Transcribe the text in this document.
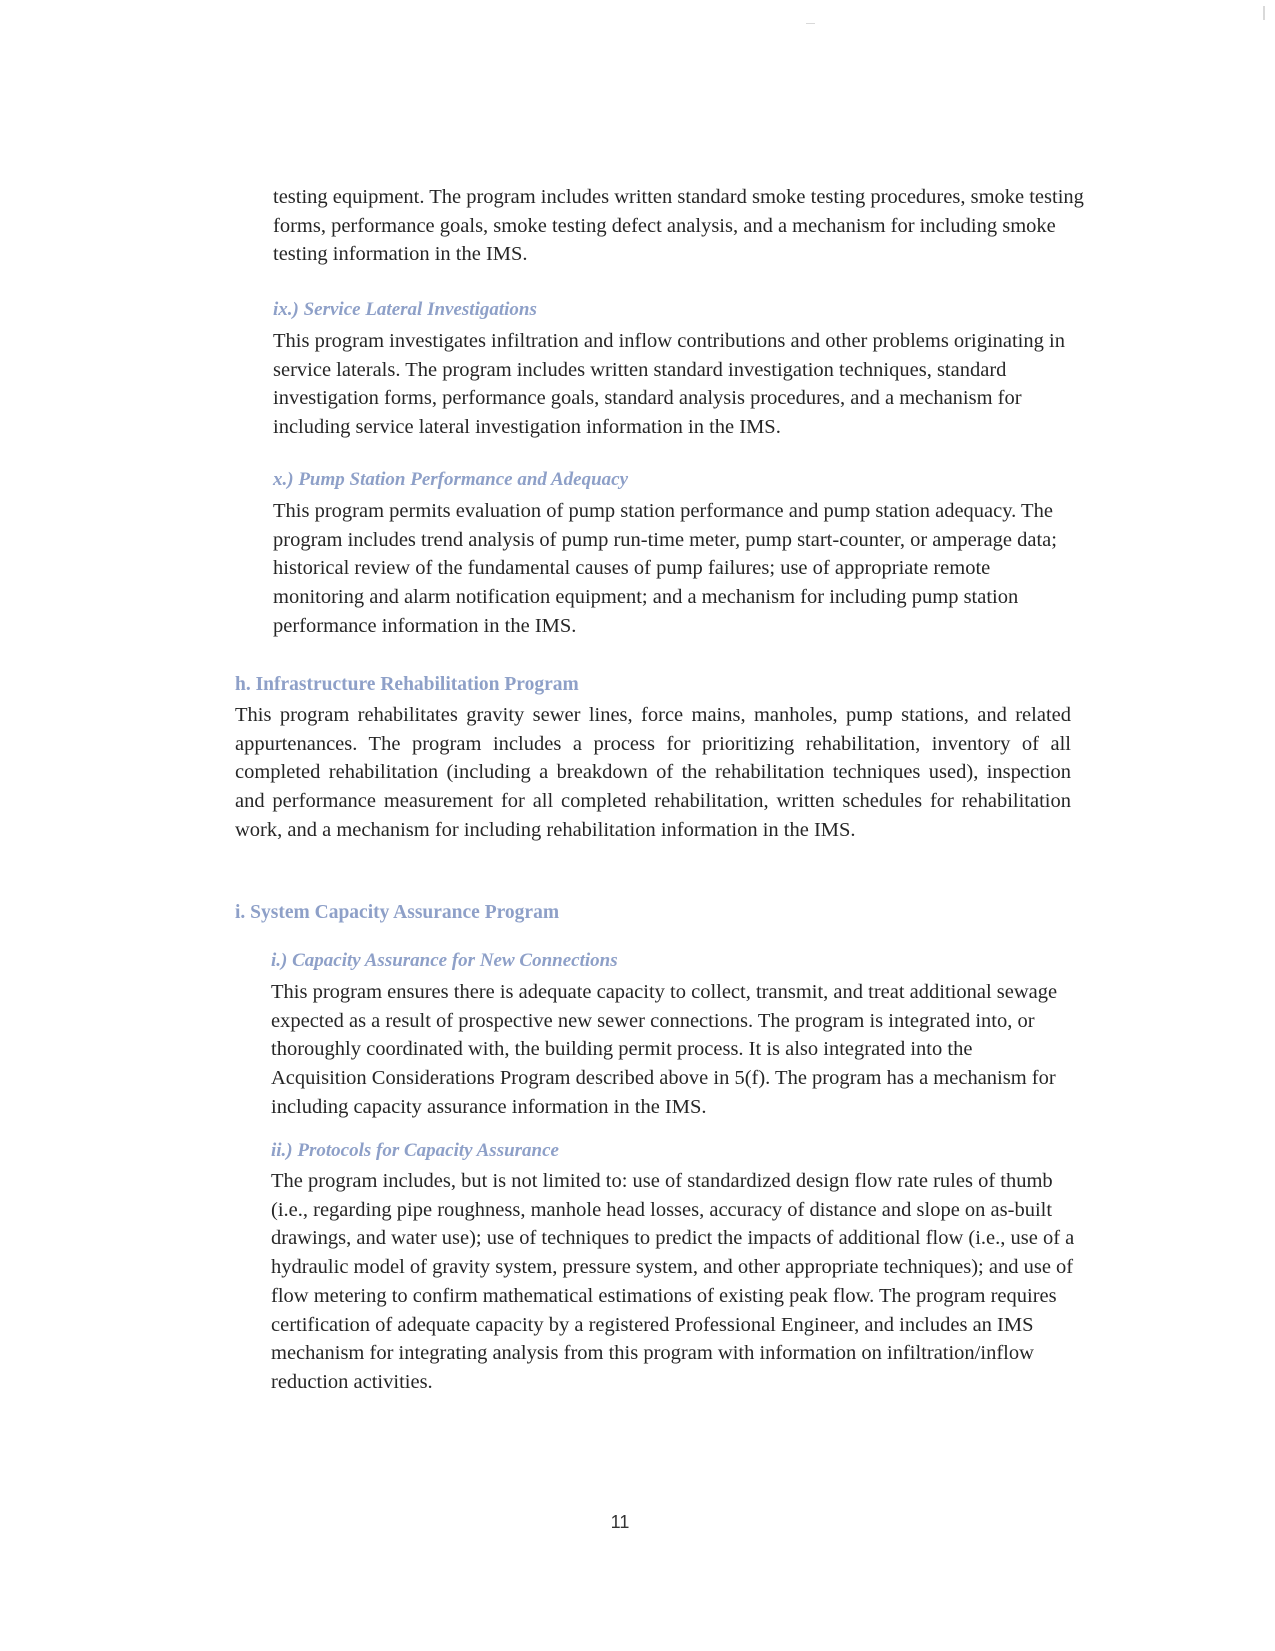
testing equipment. The program includes written standard smoke testing procedures, smoke testing forms, performance goals, smoke testing defect analysis, and a mechanism for including smoke testing information in the IMS.

ix.) Service Lateral Investigations

This program investigates infiltration and inflow contributions and other problems originating in service laterals. The program includes written standard investigation techniques, standard investigation forms, performance goals, standard analysis procedures, and a mechanism for including service lateral investigation information in the IMS.

x.) Pump Station Performance and Adequacy

This program permits evaluation of pump station performance and pump station adequacy. The program includes trend analysis of pump run-time meter, pump start-counter, or amperage data; historical review of the fundamental causes of pump failures; use of appropriate remote monitoring and alarm notification equipment; and a mechanism for including pump station performance information in the IMS.

h. Infrastructure Rehabilitation Program

This program rehabilitates gravity sewer lines, force mains, manholes, pump stations, and related appurtenances. The program includes a process for prioritizing rehabilitation, inventory of all completed rehabilitation (including a breakdown of the rehabilitation techniques used), inspection and performance measurement for all completed rehabilitation, written schedules for rehabilitation work, and a mechanism for including rehabilitation information in the IMS.

i. System Capacity Assurance Program
i.) Capacity Assurance for New Connections

This program ensures there is adequate capacity to collect, transmit, and treat additional sewage expected as a result of prospective new sewer connections. The program is integrated into, or thoroughly coordinated with, the building permit process. It is also integrated into the Acquisition Considerations Program described above in 5(f). The program has a mechanism for including capacity assurance information in the IMS.

ii.) Protocols for Capacity Assurance

The program includes, but is not limited to: use of standardized design flow rate rules of thumb (i.e., regarding pipe roughness, manhole head losses, accuracy of distance and slope on as-built drawings, and water use); use of techniques to predict the impacts of additional flow (i.e., use of a hydraulic model of gravity system, pressure system, and other appropriate techniques); and use of flow metering to confirm mathematical estimations of existing peak flow. The program requires certification of adequate capacity by a registered Professional Engineer, and includes an IMS mechanism for integrating analysis from this program with information on infiltration/inflow reduction activities.

11
